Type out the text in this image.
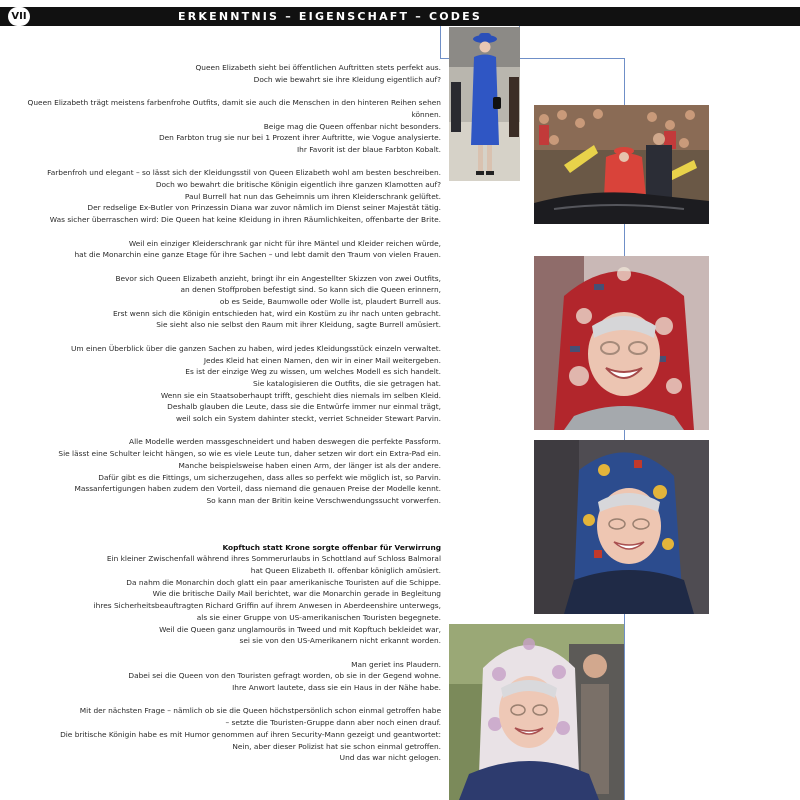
VII	ERKENNTNIS – EIGENSCHAFT – CODES

Queen Elizabeth sieht bei öffentlichen Auftritten stets perfekt aus.

Doch wie bewahrt sie ihre Kleidung eigentlich auf?

Queen Elizabeth trägt meistens farbenfrohe Outfits, damit sie auch die Menschen in den hinteren Reihen sehen können.

Beige mag die Queen offenbar nicht besonders.

Den Farbton trug sie nur bei 1 Prozent ihrer Auftritte, wie Vogue analysierte.

Ihr Favorit ist der blaue Farbton Kobalt.

Farbenfroh und elegant – so lässt sich der Kleidungsstil von Queen Elizabeth wohl am besten beschreiben.

Doch wo bewahrt die britische Königin eigentlich ihre ganzen Klamotten auf?

Paul Burrell hat nun das Geheimnis um ihren Kleiderschrank gelüftet.

Der redselige Ex-Butler von Prinzessin Diana war zuvor nämlich im Dienst seiner Majestät tätig.

Was sicher überraschen wird: Die Queen hat keine Kleidung in ihren Räumlichkeiten, offenbarte der Brite.

Weil ein einziger Kleiderschrank gar nicht für ihre Mäntel und Kleider reichen würde,

hat die Monarchin eine ganze Etage für ihre Sachen – und lebt damit den Traum von vielen Frauen.

Bevor sich Queen Elizabeth anzieht, bringt ihr ein Angestellter Skizzen von zwei Outfits,

an denen Stoffproben befestigt sind. So kann sich die Queen erinnern,

ob es Seide, Baumwolle oder Wolle ist, plaudert Burrell aus.

Erst wenn sich die Königin entschieden hat, wird ein Kostüm zu ihr nach unten gebracht.

Sie sieht also nie selbst den Raum mit ihrer Kleidung, sagte Burrell amüsiert.

Um einen Überblick über die ganzen Sachen zu haben, wird jedes Kleidungsstück einzeln verwaltet.

Jedes Kleid hat einen Namen, den wir in einer Mail weitergeben.

Es ist der einzige Weg zu wissen, um welches Modell es sich handelt.

Sie katalogisieren die Outfits, die sie getragen hat.

Wenn sie ein Staatsoberhaupt trifft, geschieht dies niemals im selben Kleid.

Deshalb glauben die Leute, dass sie die Entwürfe immer nur einmal trägt,

weil solch ein System dahinter steckt, verriet Schneider Stewart Parvin.

Alle Modelle werden massgeschneidert und haben deswegen die perfekte Passform.

Sie lässt eine Schulter leicht hängen, so wie es viele Leute tun, daher setzen wir dort ein Extra-Pad ein.

Manche beispielsweise haben einen Arm, der länger ist als der andere.

Dafür gibt es die Fittings, um sicherzugehen, dass alles so perfekt wie möglich ist, so Parvin.

Massanfertigungen haben zudem den Vorteil, dass niemand die genauen Preise der Modelle kennt.

So kann man der Britin keine Verschwendungssucht vorwerfen.

Kopftuch statt Krone sorgte offenbar für Verwirrung

Ein kleiner Zwischenfall während ihres Sommerurlaubs in Schottland auf Schloss Balmoral

hat Queen Elizabeth II. offenbar königlich amüsiert.

Da nahm die Monarchin doch glatt ein paar amerikanische Touristen auf die Schippe.

Wie die britische Daily Mail berichtet, war die Monarchin gerade in Begleitung

ihres Sicherheitsbeauftragten Richard Griffin auf ihrem Anwesen in Aberdeenshire unterwegs,

als sie einer Gruppe von US-amerikanischen Touristen begegnete.

Weil die Queen ganz unglamourös in Tweed und mit Kopftuch bekleidet war,

sei sie von den US-Amerikanern nicht erkannt worden.

Man geriet ins Plaudern.

Dabei sei die Queen von den Touristen gefragt worden, ob sie in der Gegend wohne.

Ihre Anwort lautete, dass sie ein Haus in der Nähe habe.

Mit der nächsten Frage – nämlich ob sie die Queen höchstpersönlich schon einmal getroffen habe

– setzte die Touristen-Gruppe dann aber noch einen drauf.

Die britische Königin habe es mit Humor genommen auf ihren Security-Mann gezeigt und geantwortet:

Nein, aber dieser Polizist hat sie schon einmal getroffen.

Und das war nicht gelogen.
